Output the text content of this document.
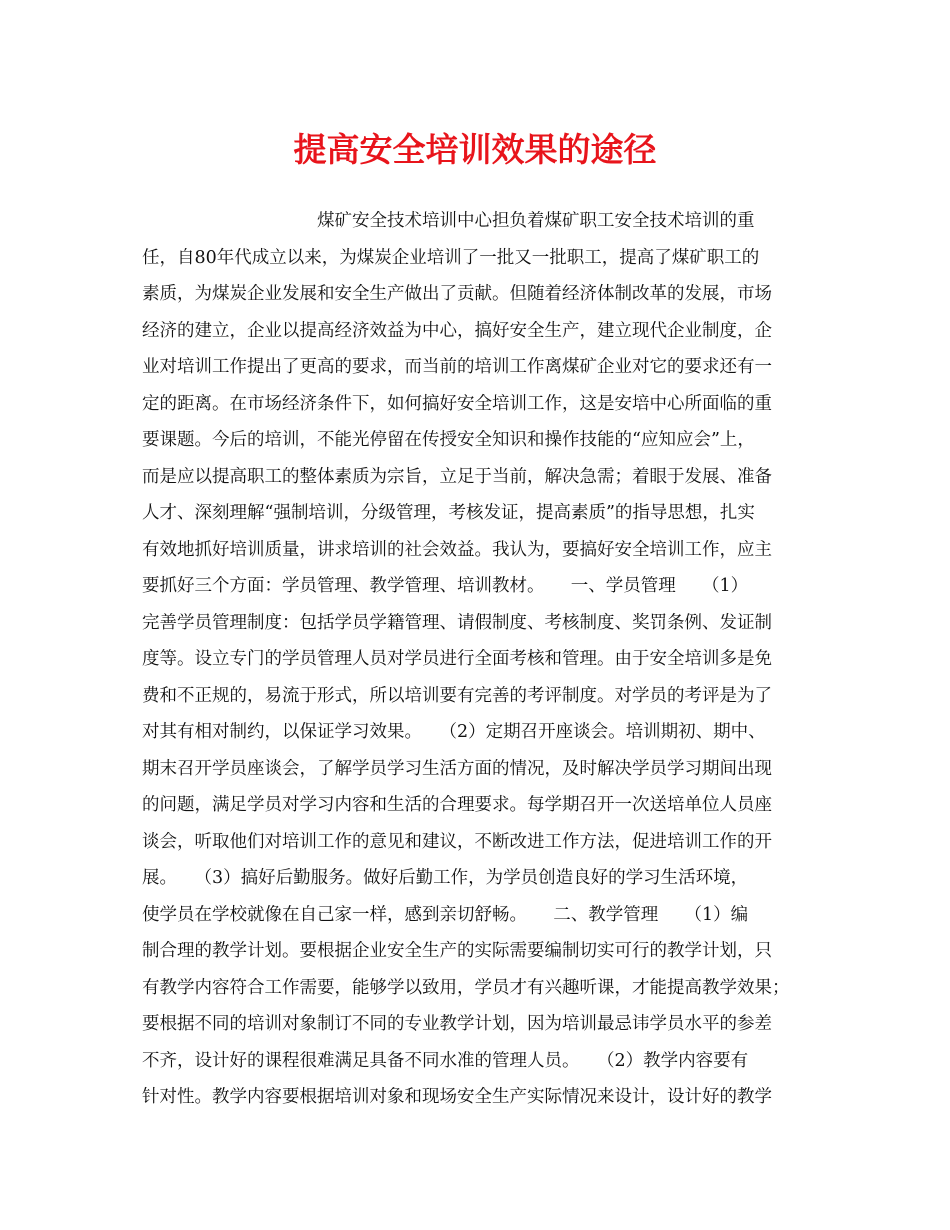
提高安全培训效果的途径
　　　　　　　　　　煤矿安全技术培训中心担负着煤矿职工安全技术培训的重
任，自80年代成立以来，为煤炭企业培训了一批又一批职工，提高了煤矿职工的
素质，为煤炭企业发展和安全生产做出了贡献。但随着经济体制改革的发展，市场
经济的建立，企业以提高经济效益为中心，搞好安全生产，建立现代企业制度，企
业对培训工作提出了更高的要求，而当前的培训工作离煤矿企业对它的要求还有一
定的距离。在市场经济条件下，如何搞好安全培训工作，这是安培中心所面临的重
要课题。今后的培训，不能光停留在传授安全知识和操作技能的“应知应会”上，
而是应以提高职工的整体素质为宗旨，立足于当前，解决急需；着眼于发展、准备
人才、深刻理解“强制培训，分级管理，考核发证，提高素质”的指导思想，扎实
有效地抓好培训质量，讲求培训的社会效益。我认为，要搞好安全培训工作，应主
要抓好三个方面：学员管理、教学管理、培训教材。　　一、学员管理　　（1）
完善学员管理制度：包括学员学籍管理、请假制度、考核制度、奖罚条例、发证制
度等。设立专门的学员管理人员对学员进行全面考核和管理。由于安全培训多是免
费和不正规的，易流于形式，所以培训要有完善的考评制度。对学员的考评是为了
对其有相对制约，以保证学习效果。　　（2）定期召开座谈会。培训期初、期中、
期末召开学员座谈会，了解学员学习生活方面的情况，及时解决学员学习期间出现
的问题，满足学员对学习内容和生活的合理要求。每学期召开一次送培单位人员座
谈会，听取他们对培训工作的意见和建议，不断改进工作方法，促进培训工作的开
展。　　（3）搞好后勤服务。做好后勤工作，为学员创造良好的学习生活环境，
使学员在学校就像在自己家一样，感到亲切舒畅。　　二、教学管理　　（1）编
制合理的教学计划。要根据企业安全生产的实际需要编制切实可行的教学计划，只
有教学内容符合工作需要，能够学以致用，学员才有兴趣听课，才能提高教学效果；
要根据不同的培训对象制订不同的专业教学计划，因为培训最忌讳学员水平的参差
不齐，设计好的课程很难满足具备不同水准的管理人员。　　（2）教学内容要有
针对性。教学内容要根据培训对象和现场安全生产实际情况来设计，设计好的教学
